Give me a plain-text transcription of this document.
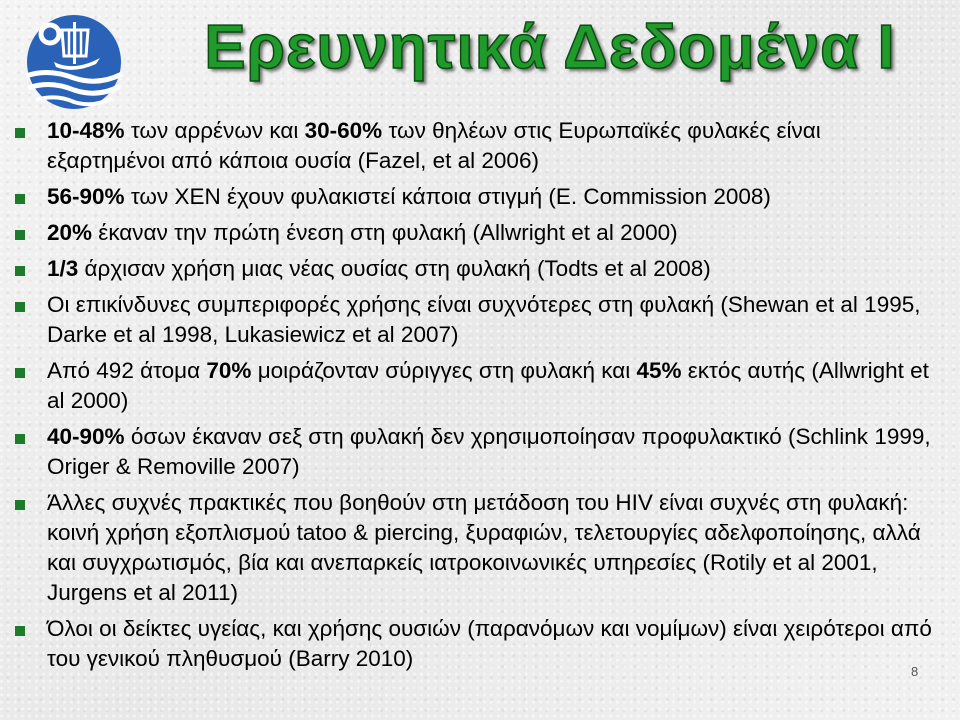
Ερευνητικά Δεδομένα Ι
10-48% των αρρένων και 30-60% των θηλέων στις Ευρωπαϊκές φυλακές είναι εξαρτημένοι από κάποια ουσία (Fazel, et al 2006)
56-90% των ΧΕΝ έχουν φυλακιστεί κάποια στιγμή (E. Commission 2008)
20% έκαναν την πρώτη ένεση στη φυλακή (Allwright et al 2000)
1/3 άρχισαν χρήση μιας νέας ουσίας στη φυλακή (Todts et al 2008)
Οι επικίνδυνες συμπεριφορές χρήσης είναι συχνότερες στη φυλακή (Shewan et al 1995, Darke et al 1998, Lukasiewicz et al 2007)
Από 492 άτομα 70% μοιράζονταν σύριγγες στη φυλακή και 45% εκτός αυτής (Allwright et al 2000)
40-90% όσων έκαναν σεξ στη φυλακή δεν χρησιμοποίησαν προφυλακτικό (Schlink 1999, Origer & Removille 2007)
Άλλες συχνές πρακτικές που βοηθούν στη μετάδοση του HIV είναι συχνές στη φυλακή: κοινή χρήση εξοπλισμού tatoo & piercing, ξυραφιών, τελετουργίες αδελφοποίησης, αλλά και συγχρωτισμός, βία και ανεπαρκείς ιατροκοινωνικές υπηρεσίες (Rotily et al 2001, Jurgens et al 2011)
Όλοι οι δείκτες υγείας, και χρήσης ουσιών (παρανόμων και νομίμων) είναι χειρότεροι από του γενικού πληθυσμού (Barry 2010)
8
